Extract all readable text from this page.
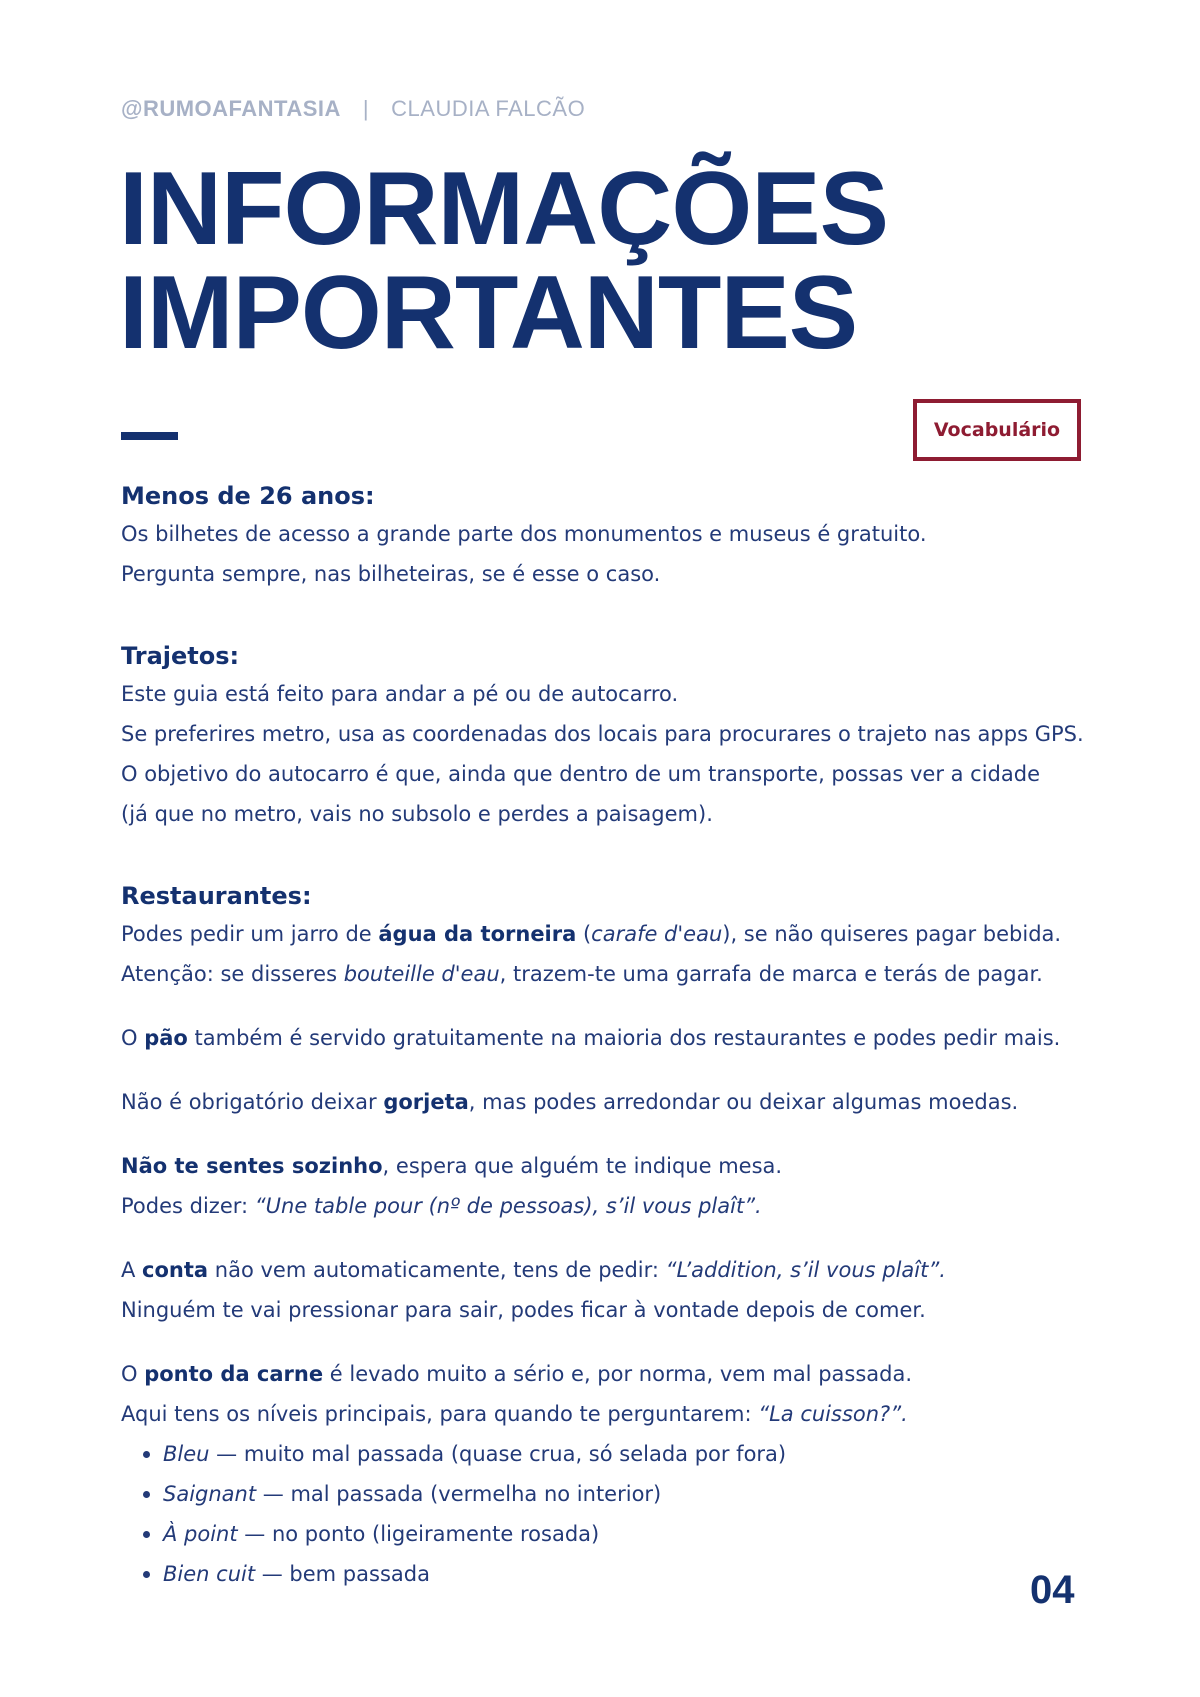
@RUMOAFANTASIA | CLAUDIA FALCÃO
INFORMAÇÕES
IMPORTANTES
Vocabulário
Menos de 26 anos:

Os bilhetes de acesso a grande parte dos monumentos e museus é gratuito.

Pergunta sempre, nas bilheteiras, se é esse o caso.

Trajetos:

Este guia está feito para andar a pé ou de autocarro.

Se preferires metro, usa as coordenadas dos locais para procurares o trajeto nas apps GPS.

O objetivo do autocarro é que, ainda que dentro de um transporte, possas ver a cidade

(já que no metro, vais no subsolo e perdes a paisagem).

Restaurantes:

Podes pedir um jarro de água da torneira (carafe d'eau), se não quiseres pagar bebida.

Atenção: se disseres bouteille d'eau, trazem-te uma garrafa de marca e terás de pagar.

O pão também é servido gratuitamente na maioria dos restaurantes e podes pedir mais.

Não é obrigatório deixar gorjeta, mas podes arredondar ou deixar algumas moedas.

Não te sentes sozinho, espera que alguém te indique mesa.

Podes dizer: “Une table pour (nº de pessoas), s’il vous plaît”.

A conta não vem automaticamente, tens de pedir: “L’addition, s’il vous plaît”.

Ninguém te vai pressionar para sair, podes ficar à vontade depois de comer.

O ponto da carne é levado muito a sério e, por norma, vem mal passada.

Aqui tens os níveis principais, para quando te perguntarem: “La cuisson?”.

Bleu — muito mal passada (quase crua, só selada por fora)
Saignant — mal passada (vermelha no interior)
À point — no ponto (ligeiramente rosada)
Bien cuit — bem passada	04
